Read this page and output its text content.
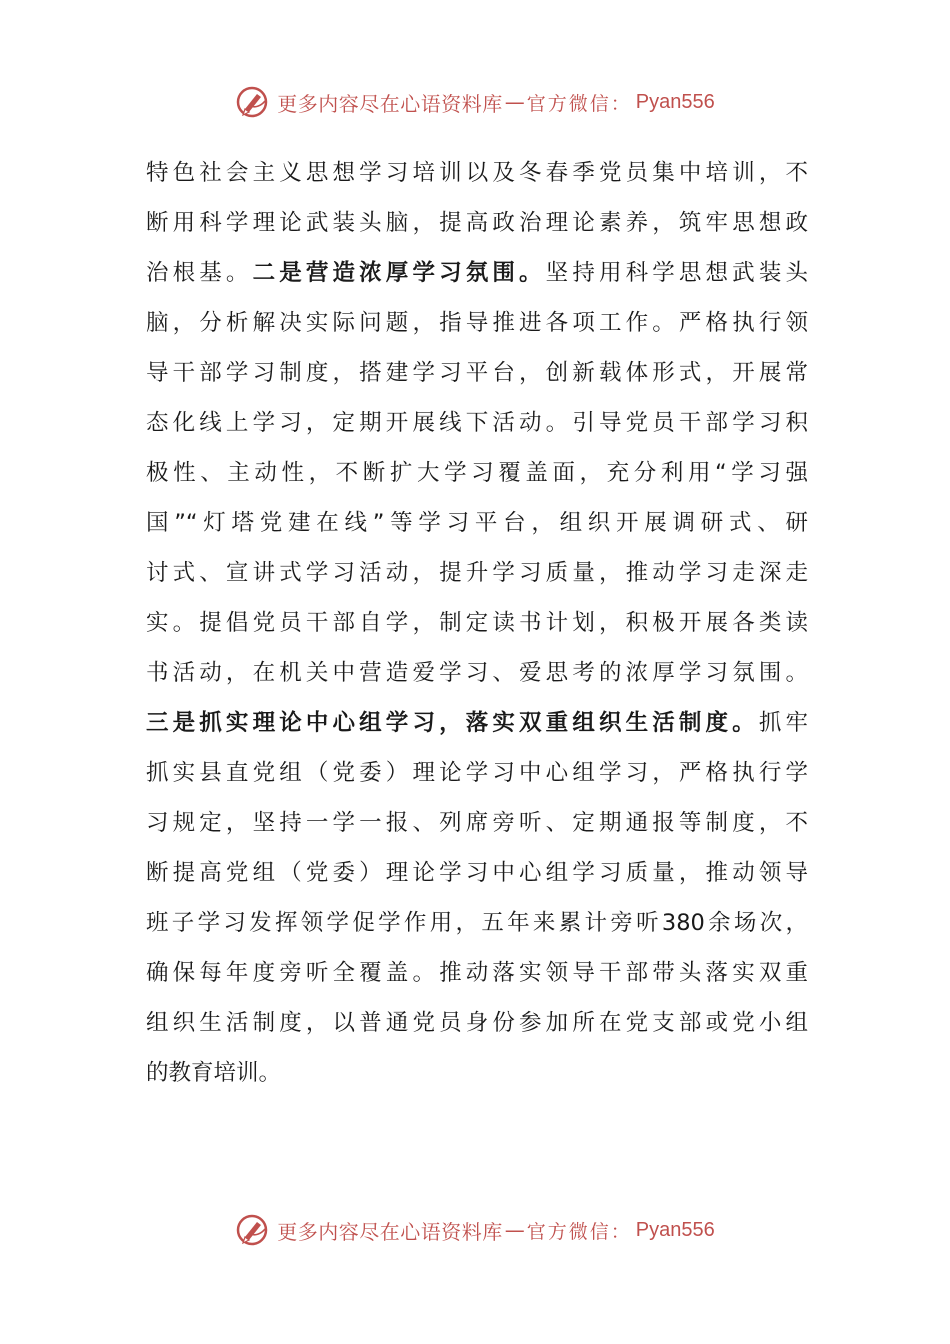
更多内容尽在心语资料库 — 官方微信： Pyan556
特色社会主义思想学习培训以及冬春季党员集中培训，不
断用科学理论武装头脑，提高政治理论素养，筑牢思想政
治根基。二是营造浓厚学习氛围。坚持用科学思想武装头
脑，分析解决实际问题，指导推进各项工作。严格执行领
导干部学习制度，搭建学习平台，创新载体形式，开展常
态化线上学习，定期开展线下活动。引导党员干部学习积
极性、主动性，不断扩大学习覆盖面，充分利用“学习强
国”“灯塔党建在线”等学习平台，组织开展调研式、研
讨式、宣讲式学习活动，提升学习质量，推动学习走深走
实。提倡党员干部自学，制定读书计划，积极开展各类读
书活动，在机关中营造爱学习、爱思考的浓厚学习氛围。
三是抓实理论中心组学习，落实双重组织生活制度。抓牢
抓实县直党组（党委）理论学习中心组学习，严格执行学
习规定，坚持一学一报、列席旁听、定期通报等制度，不
断提高党组（党委）理论学习中心组学习质量，推动领导
班子学习发挥领学促学作用，五年来累计旁听380余场次，
确保每年度旁听全覆盖。推动落实领导干部带头落实双重
组织生活制度，以普通党员身份参加所在党支部或党小组
的教育培训。
更多内容尽在心语资料库 — 官方微信： Pyan556
